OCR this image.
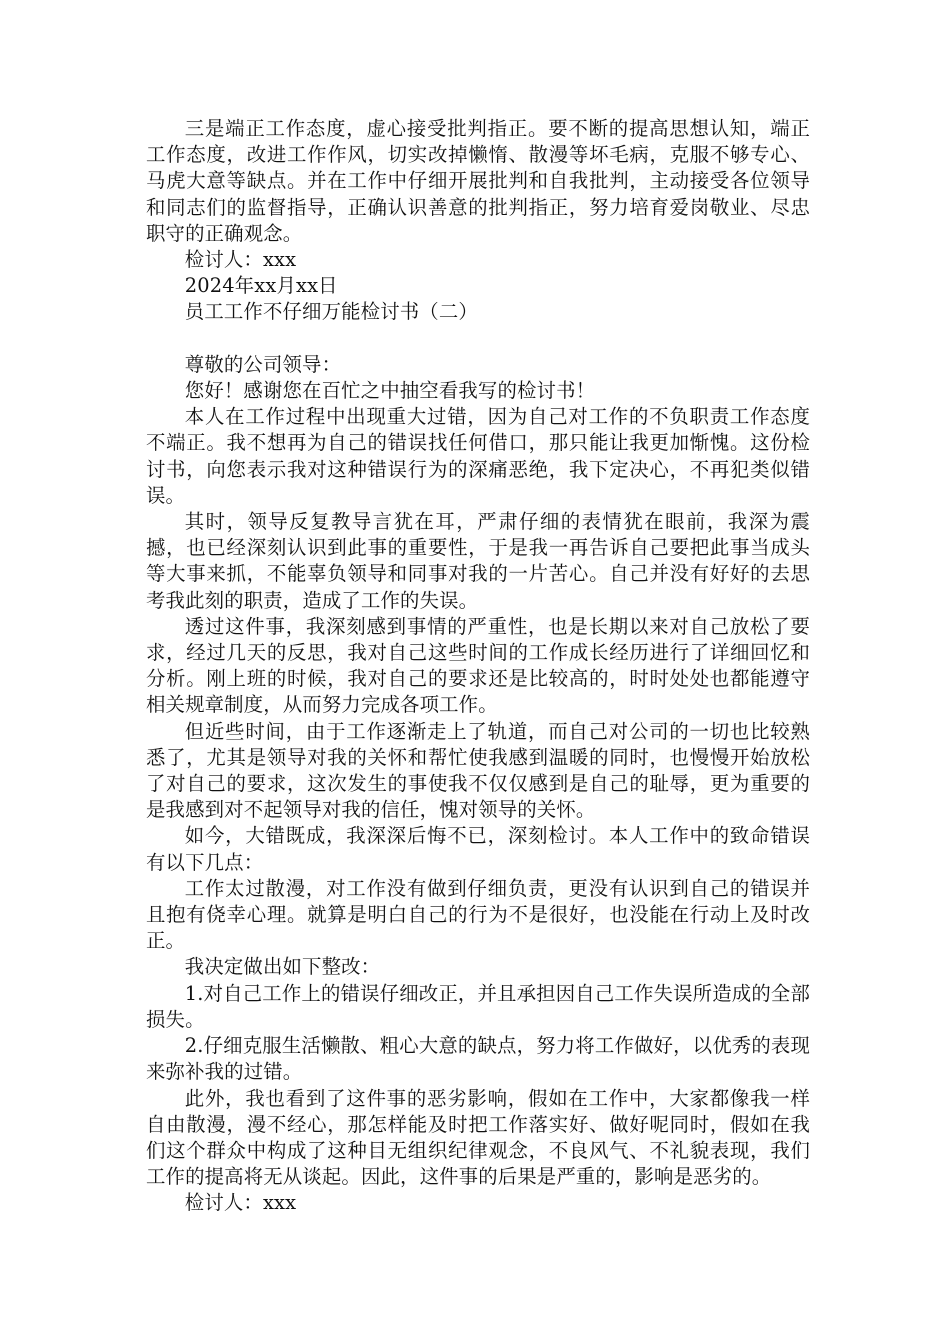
三是端正工作态度，虚心接受批判指正。要不断的提高思想认知，端正工作态度，改进工作作风，切实改掉懒惰、散漫等坏毛病，克服不够专心、马虎大意等缺点。并在工作中仔细开展批判和自我批判，主动接受各位领导和同志们的监督指导，正确认识善意的批判指正，努力培育爱岗敬业、尽忠职守的正确观念。

检讨人：xxx

2024年xx月xx日

员工工作不仔细万能检讨书（二）

尊敬的公司领导：

您好！感谢您在百忙之中抽空看我写的检讨书！

本人在工作过程中出现重大过错，因为自己对工作的不负职责工作态度不端正。我不想再为自己的错误找任何借口，那只能让我更加惭愧。这份检讨书，向您表示我对这种错误行为的深痛恶绝，我下定决心，不再犯类似错误。

其时，领导反复教导言犹在耳，严肃仔细的表情犹在眼前，我深为震撼，也已经深刻认识到此事的重要性，于是我一再告诉自己要把此事当成头等大事来抓，不能辜负领导和同事对我的一片苦心。自己并没有好好的去思考我此刻的职责，造成了工作的失误。

透过这件事，我深刻感到事情的严重性，也是长期以来对自己放松了要求，经过几天的反思，我对自己这些时间的工作成长经历进行了详细回忆和分析。刚上班的时候，我对自己的要求还是比较高的，时时处处也都能遵守相关规章制度，从而努力完成各项工作。

但近些时间，由于工作逐渐走上了轨道，而自己对公司的一切也比较熟悉了，尤其是领导对我的关怀和帮忙使我感到温暖的同时，也慢慢开始放松了对自己的要求，这次发生的事使我不仅仅感到是自己的耻辱，更为重要的是我感到对不起领导对我的信任，愧对领导的关怀。

如今，大错既成，我深深后悔不已，深刻检讨。本人工作中的致命错误有以下几点：

工作太过散漫，对工作没有做到仔细负责，更没有认识到自己的错误并且抱有侥幸心理。就算是明白自己的行为不是很好，也没能在行动上及时改正。

我决定做出如下整改：

1.对自己工作上的错误仔细改正，并且承担因自己工作失误所造成的全部损失。

2.仔细克服生活懒散、粗心大意的缺点，努力将工作做好，以优秀的表现来弥补我的过错。

此外，我也看到了这件事的恶劣影响，假如在工作中，大家都像我一样自由散漫，漫不经心，那怎样能及时把工作落实好、做好呢同时，假如在我们这个群众中构成了这种目无组织纪律观念，不良风气、不礼貌表现，我们工作的提高将无从谈起。因此，这件事的后果是严重的，影响是恶劣的。

检讨人：xxx
